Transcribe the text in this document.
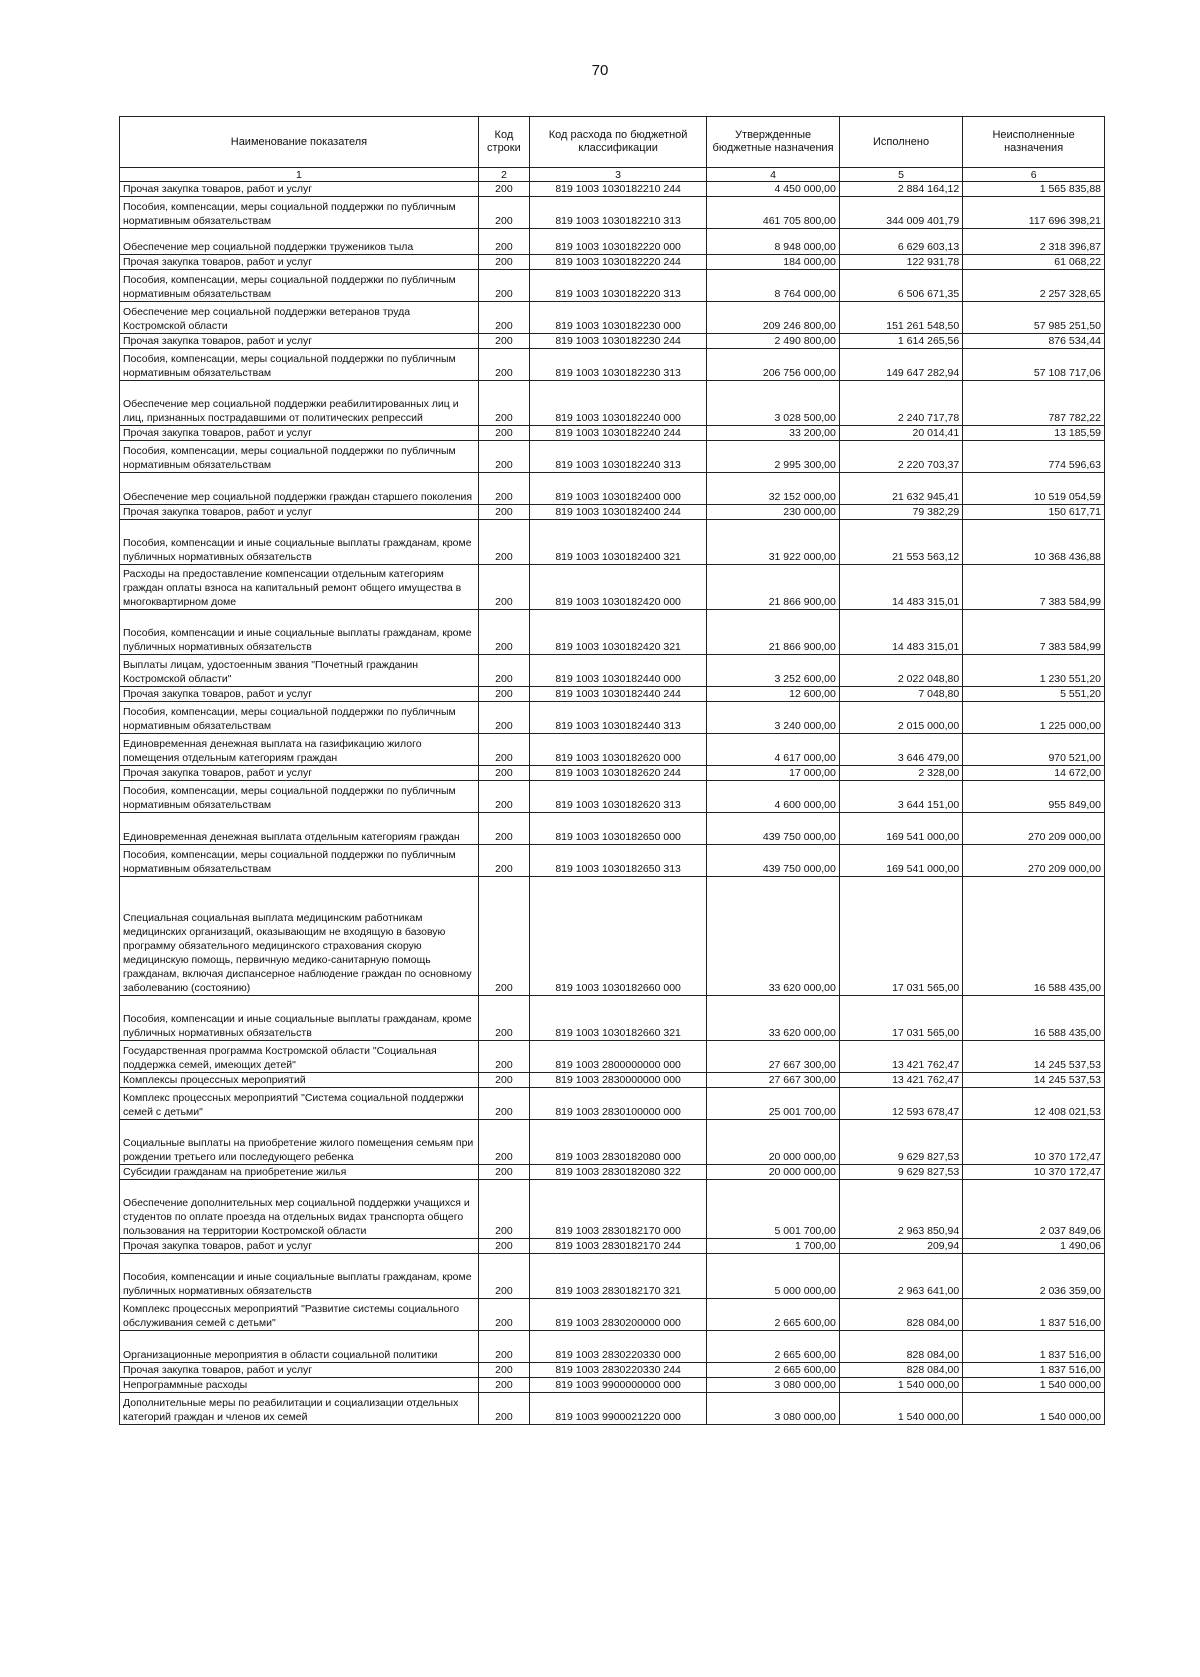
70
Наименование показателя	Код строки	Код расхода по бюджетной классификации	Утвержденные бюджетные назначения	Исполнено	Неисполненные назначения
1	2	3	4	5	6
Прочая закупка товаров, работ и услуг	200	819 1003 1030182210 244	4 450 000,00	2 884 164,12	1 565 835,88
Пособия, компенсации, меры социальной поддержки по публичным нормативным обязательствам	200	819 1003 1030182210 313	461 705 800,00	344 009 401,79	117 696 398,21
Обеспечение мер социальной поддержки тружеников тыла	200	819 1003 1030182220 000	8 948 000,00	6 629 603,13	2 318 396,87
Прочая закупка товаров, работ и услуг	200	819 1003 1030182220 244	184 000,00	122 931,78	61 068,22
Пособия, компенсации, меры социальной поддержки по публичным нормативным обязательствам	200	819 1003 1030182220 313	8 764 000,00	6 506 671,35	2 257 328,65
Обеспечение мер социальной поддержки ветеранов труда Костромской области	200	819 1003 1030182230 000	209 246 800,00	151 261 548,50	57 985 251,50
Прочая закупка товаров, работ и услуг	200	819 1003 1030182230 244	2 490 800,00	1 614 265,56	876 534,44
Пособия, компенсации, меры социальной поддержки по публичным нормативным обязательствам	200	819 1003 1030182230 313	206 756 000,00	149 647 282,94	57 108 717,06
Обеспечение мер социальной поддержки реабилитированных лиц и лиц, признанных пострадавшими от политических репрессий	200	819 1003 1030182240 000	3 028 500,00	2 240 717,78	787 782,22
Прочая закупка товаров, работ и услуг	200	819 1003 1030182240 244	33 200,00	20 014,41	13 185,59
Пособия, компенсации, меры социальной поддержки по публичным нормативным обязательствам	200	819 1003 1030182240 313	2 995 300,00	2 220 703,37	774 596,63
Обеспечение мер социальной поддержки граждан старшего поколения	200	819 1003 1030182400 000	32 152 000,00	21 632 945,41	10 519 054,59
Прочая закупка товаров, работ и услуг	200	819 1003 1030182400 244	230 000,00	79 382,29	150 617,71
Пособия, компенсации и иные социальные выплаты гражданам, кроме публичных нормативных обязательств	200	819 1003 1030182400 321	31 922 000,00	21 553 563,12	10 368 436,88
Расходы на предоставление компенсации отдельным категориям граждан оплаты взноса на капитальный ремонт общего имущества в многоквартирном доме	200	819 1003 1030182420 000	21 866 900,00	14 483 315,01	7 383 584,99
Пособия, компенсации и иные социальные выплаты гражданам, кроме публичных нормативных обязательств	200	819 1003 1030182420 321	21 866 900,00	14 483 315,01	7 383 584,99
Выплаты лицам, удостоенным звания "Почетный гражданин Костромской области"	200	819 1003 1030182440 000	3 252 600,00	2 022 048,80	1 230 551,20
Прочая закупка товаров, работ и услуг	200	819 1003 1030182440 244	12 600,00	7 048,80	5 551,20
Пособия, компенсации, меры социальной поддержки по публичным нормативным обязательствам	200	819 1003 1030182440 313	3 240 000,00	2 015 000,00	1 225 000,00
Единовременная денежная выплата на газификацию жилого помещения отдельным категориям граждан	200	819 1003 1030182620 000	4 617 000,00	3 646 479,00	970 521,00
Прочая закупка товаров, работ и услуг	200	819 1003 1030182620 244	17 000,00	2 328,00	14 672,00
Пособия, компенсации, меры социальной поддержки по публичным нормативным обязательствам	200	819 1003 1030182620 313	4 600 000,00	3 644 151,00	955 849,00
Единовременная денежная выплата отдельным категориям граждан	200	819 1003 1030182650 000	439 750 000,00	169 541 000,00	270 209 000,00
Пособия, компенсации, меры социальной поддержки по публичным нормативным обязательствам	200	819 1003 1030182650 313	439 750 000,00	169 541 000,00	270 209 000,00
Специальная социальная выплата медицинским работникам медицинских организаций, оказывающим не входящую в базовую программу обязательного медицинского страхования скорую медицинскую помощь, первичную медико-санитарную помощь гражданам, включая диспансерное наблюдение граждан по основному заболеванию (состоянию)	200	819 1003 1030182660 000	33 620 000,00	17 031 565,00	16 588 435,00
Пособия, компенсации и иные социальные выплаты гражданам, кроме публичных нормативных обязательств	200	819 1003 1030182660 321	33 620 000,00	17 031 565,00	16 588 435,00
Государственная программа Костромской области "Социальная поддержка семей, имеющих детей"	200	819 1003 2800000000 000	27 667 300,00	13 421 762,47	14 245 537,53
Комплексы процессных мероприятий	200	819 1003 2830000000 000	27 667 300,00	13 421 762,47	14 245 537,53
Комплекс процессных мероприятий "Система социальной поддержки семей с детьми"	200	819 1003 2830100000 000	25 001 700,00	12 593 678,47	12 408 021,53
Социальные выплаты на приобретение жилого помещения семьям при рождении третьего или последующего ребенка	200	819 1003 2830182080 000	20 000 000,00	9 629 827,53	10 370 172,47
Субсидии гражданам на приобретение жилья	200	819 1003 2830182080 322	20 000 000,00	9 629 827,53	10 370 172,47
Обеспечение дополнительных мер социальной поддержки учащихся и студентов по оплате проезда на отдельных видах транспорта общего пользования на территории Костромской области	200	819 1003 2830182170 000	5 001 700,00	2 963 850,94	2 037 849,06
Прочая закупка товаров, работ и услуг	200	819 1003 2830182170 244	1 700,00	209,94	1 490,06
Пособия, компенсации и иные социальные выплаты гражданам, кроме публичных нормативных обязательств	200	819 1003 2830182170 321	5 000 000,00	2 963 641,00	2 036 359,00
Комплекс процессных мероприятий "Развитие системы социального обслуживания семей с детьми"	200	819 1003 2830200000 000	2 665 600,00	828 084,00	1 837 516,00
Организационные мероприятия в области социальной политики	200	819 1003 2830220330 000	2 665 600,00	828 084,00	1 837 516,00
Прочая закупка товаров, работ и услуг	200	819 1003 2830220330 244	2 665 600,00	828 084,00	1 837 516,00
Непрограммные расходы	200	819 1003 9900000000 000	3 080 000,00	1 540 000,00	1 540 000,00
Дополнительные меры по реабилитации и социализации отдельных категорий граждан и членов их семей	200	819 1003 9900021220 000	3 080 000,00	1 540 000,00	1 540 000,00
